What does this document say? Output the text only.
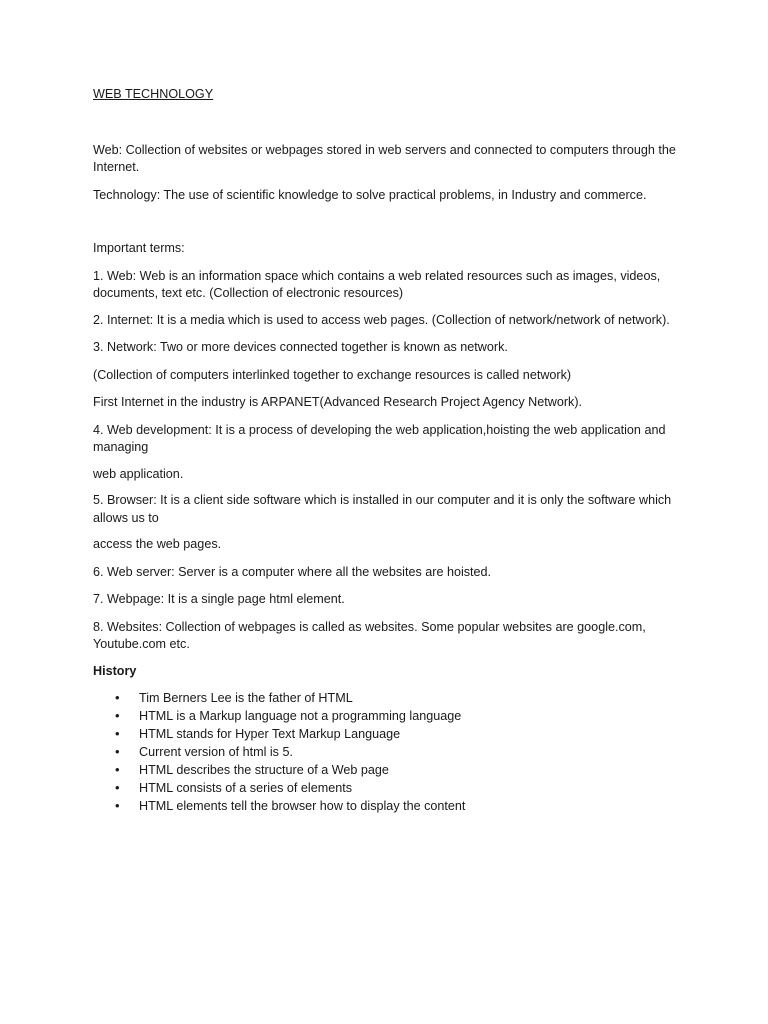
WEB TECHNOLOGY

Web: Collection of websites or webpages stored in web servers and connected to computers through the Internet.

Technology: The use of scientific knowledge to solve practical problems, in Industry and commerce.

Important terms:

1. Web: Web is an information space which contains a web related resources such as images, videos, documents, text etc. (Collection of electronic resources)

2. Internet: It is a media which is used to access web pages. (Collection of network/network of network).

3. Network: Two or more devices connected together is known as network.

(Collection of computers interlinked together to exchange resources is called network)

First Internet in the industry is ARPANET(Advanced Research Project Agency Network).

4. Web development: It is a process of developing the web application,hoisting the web application and managing

web application.

5. Browser: It is a client side software which is installed in our computer and it is only the software which allows us to

access the web pages.

6. Web server: Server is a computer where all the websites are hoisted.

7. Webpage: It is a single page html element.

8. Websites: Collection of webpages is called as websites. Some popular websites are google.com, Youtube.com etc.

History

• Tim Berners Lee is the father of HTML
• HTML is a Markup language not a programming language
• HTML stands for Hyper Text Markup Language
• Current version of html is 5.
• HTML describes the structure of a Web page
• HTML consists of a series of elements
• HTML elements tell the browser how to display the content
